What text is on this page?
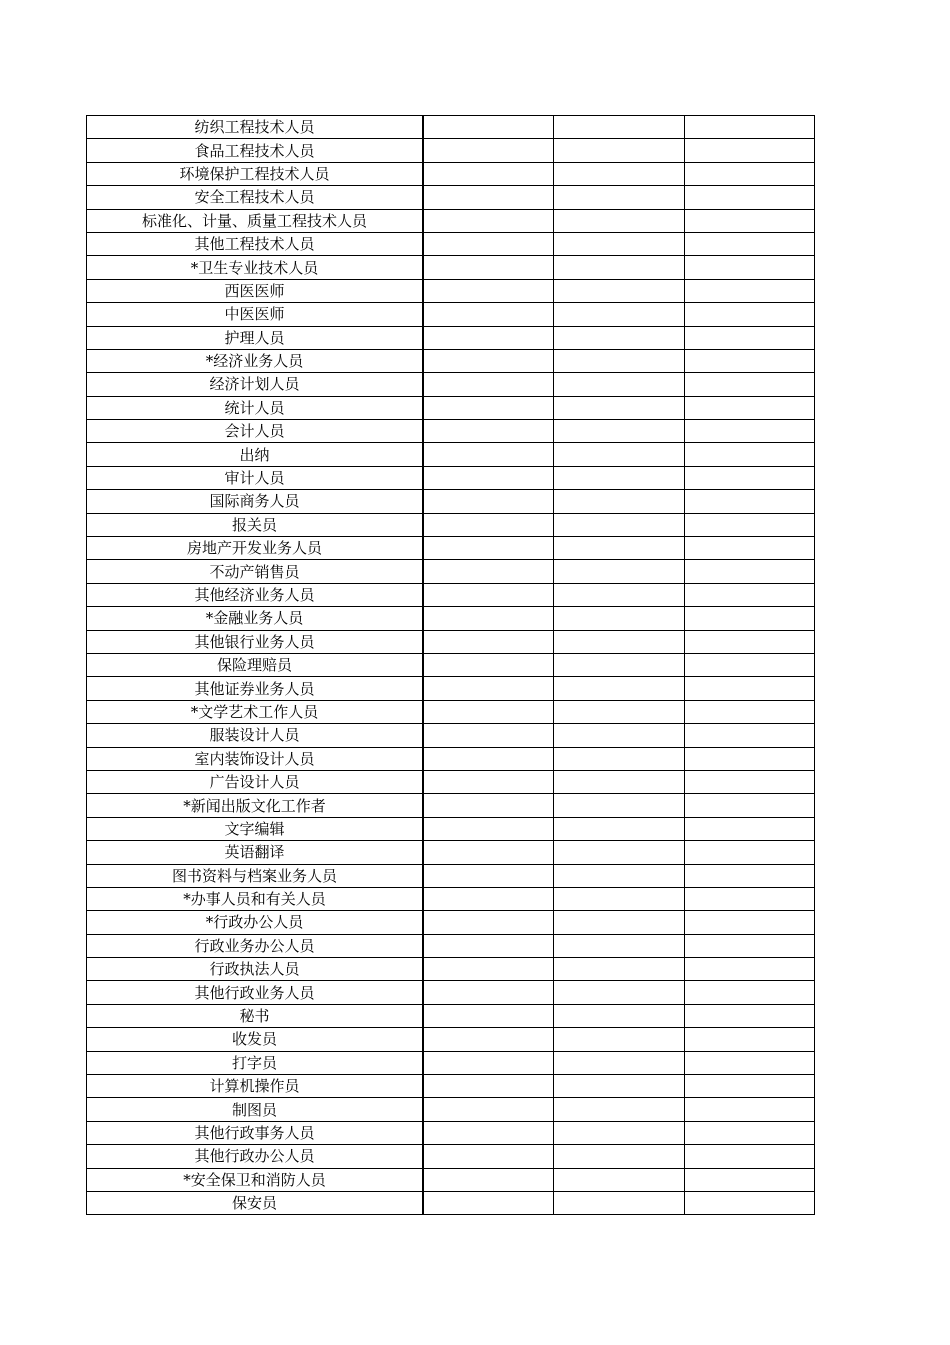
纺织工程技术人员			
食品工程技术人员			
环境保护工程技术人员			
安全工程技术人员			
标准化、计量、质量工程技术人员			
其他工程技术人员			
*卫生专业技术人员			
西医医师			
中医医师			
护理人员			
*经济业务人员			
经济计划人员			
统计人员			
会计人员			
出纳			
审计人员			
国际商务人员			
报关员			
房地产开发业务人员			
不动产销售员			
其他经济业务人员			
*金融业务人员			
其他银行业务人员			
保险理赔员			
其他证券业务人员			
*文学艺术工作人员			
服装设计人员			
室内装饰设计人员			
广告设计人员			
*新闻出版文化工作者			
文字编辑			
英语翻译			
图书资料与档案业务人员			
*办事人员和有关人员			
*行政办公人员			
行政业务办公人员			
行政执法人员			
其他行政业务人员			
秘书			
收发员			
打字员			
计算机操作员			
制图员			
其他行政事务人员			
其他行政办公人员			
*安全保卫和消防人员			
保安员			
